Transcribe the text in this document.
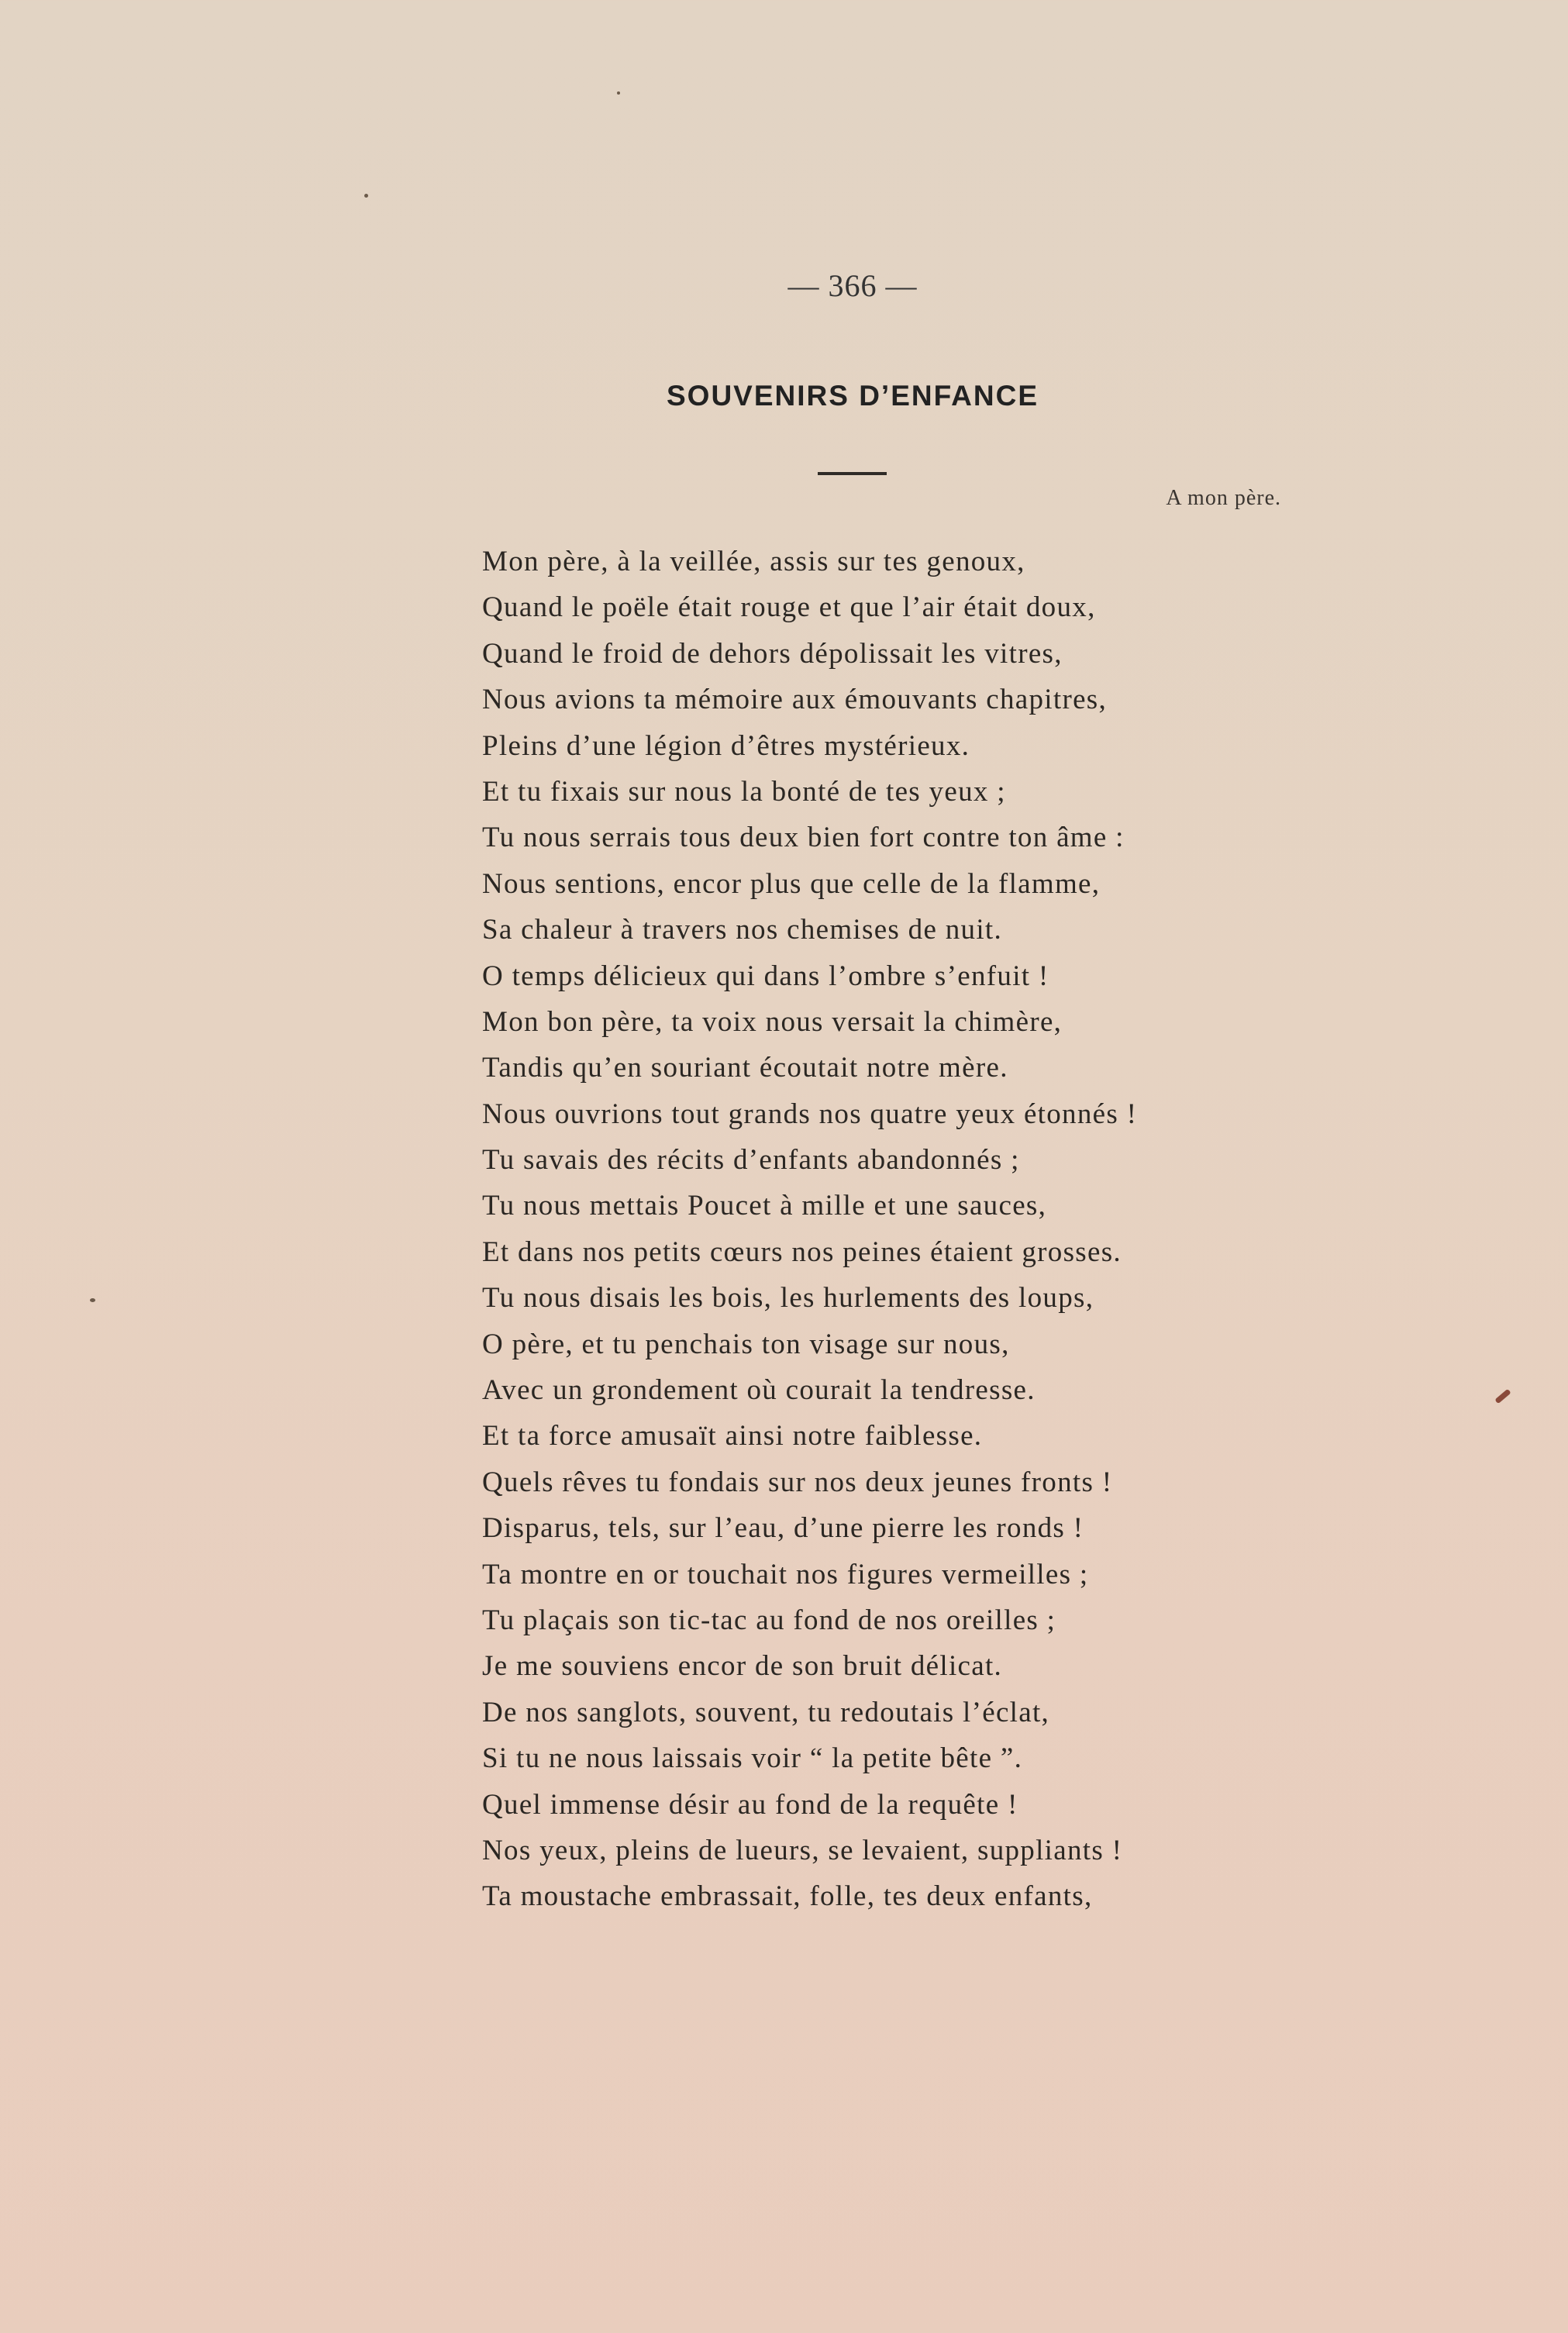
— 366 —
SOUVENIRS D’ENFANCE
A mon père.
Mon père, à la veillée, assis sur tes genoux,
Quand le poële était rouge et que l’air était doux,
Quand le froid de dehors dépolissait les vitres,
Nous avions ta mémoire aux émouvants chapitres,
Pleins d’une légion d’êtres mystérieux.
Et tu fixais sur nous la bonté de tes yeux ;
Tu nous serrais tous deux bien fort contre ton âme :
Nous sentions, encor plus que celle de la flamme,
Sa chaleur à travers nos chemises de nuit.
O temps délicieux qui dans l’ombre s’enfuit !
Mon bon père, ta voix nous versait la chimère,
Tandis qu’en souriant écoutait notre mère.
Nous ouvrions tout grands nos quatre yeux étonnés !
Tu savais des récits d’enfants abandonnés ;
Tu nous mettais Poucet à mille et une sauces,
Et dans nos petits cœurs nos peines étaient grosses.
Tu nous disais les bois, les hurlements des loups,
O père, et tu penchais ton visage sur nous,
Avec un grondement où courait la tendresse.
Et ta force amusaït ainsi notre faiblesse.
Quels rêves tu fondais sur nos deux jeunes fronts !
Disparus, tels, sur l’eau, d’une pierre les ronds !
Ta montre en or touchait nos figures vermeilles ;
Tu plaçais son tic-tac au fond de nos oreilles ;
Je me souviens encor de son bruit délicat.
De nos sanglots, souvent, tu redoutais l’éclat,
Si tu ne nous laissais voir “ la petite bête ”.
Quel immense désir au fond de la requête !
Nos yeux, pleins de lueurs, se levaient, suppliants !
Ta moustache embrassait, folle, tes deux enfants,
